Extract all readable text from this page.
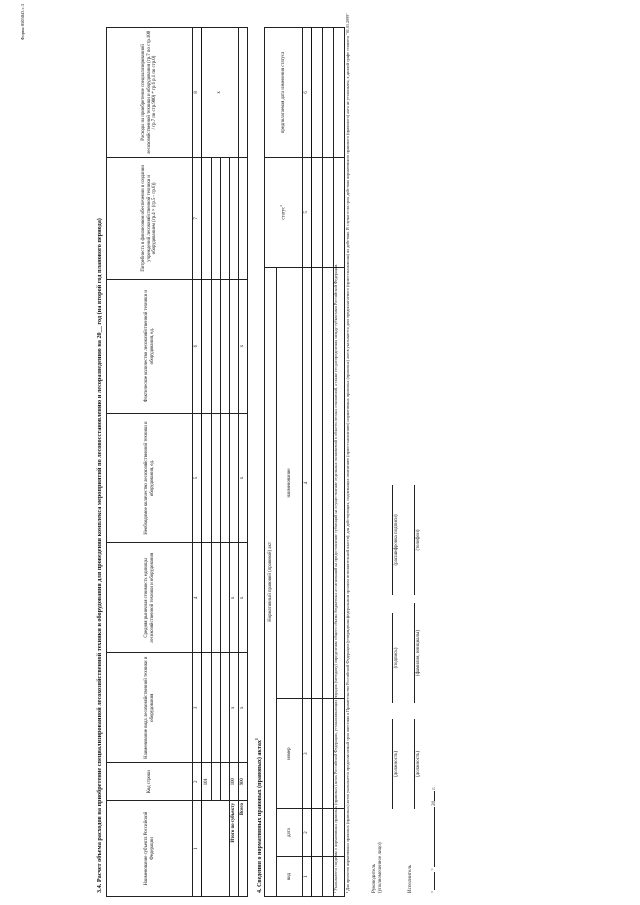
Форма 0505043 с.3
3.4. Расчет объема расходов на приобретение специализированной лесохозяйственной техники и оборудования для проведения комплекса мероприятий по лесовосстановлению и лесоразведению на 20__ год (на второй год планового периода)	Наименование субъекта Российской Федерации	Код строки	Наименование вида лесохозяйственной техники и оборудования	Средняя рыночная стоимость единицы лесохозяйственной техники и оборудования	Необходимое количество лесохозяйственной техники и оборудования, ед.	Фактическое количество лесохозяйственной техники и оборудования, ед.	Потребность в финансовом обеспечении в создании учреждений лесохозяйственной техники и оборудованием (гр.4 × (гр.5 - гр.6))	Расходы на приобретение специализированной лесохозяйственной техники и оборудования (гр.7 по стр.100 / гр.7 по стр.900) * гр.6 р.1 по стр.0)
1	2	3	4	5	6	7	8
	101						x

Итого по субъекту	100	x	x				
Всего	900	x	x	x	x		
4. Сведения о нормативных правовых (правовых) актах$^1$
Нормативный правовой (правовой) акт				статус$^2$	предполагаемая дата изменения статуса
вид	дата	номер	наименование		
1	2	3	4	5	6

¹ Указываются сведения о нормативных правовых (правовых) актах Российской Федерации, устанавливающих порядок (методику) определения общего объема бюджетных ассигнований на предоставление субвенций на осуществление отдельных полномочий в области лесных отношений, а также его распределения между субъектами Российской Федерации. ² Для проектов нормативных правовых (правовых) актов указывается предполагаемый срок внесения в Правительство Российской Федерации (утверждения федеральным органом исполнительной власти); для действующих, подлежащих изменению (приостановлению) нормативных правовых (правовых) актов указывается дата предполагаемого (приостановления) их действия. В случае если срок действия нормативного правового (правового) акта не установлен, в данной графе ставится "01.01.2099"	Руководитель (уполномоченное лицо)
(должность)
(подпись)
(расшифровка подписи)
Исполнитель
(должность)
(фамилия, инициалы)
(телефон)
"  "  20 г.
